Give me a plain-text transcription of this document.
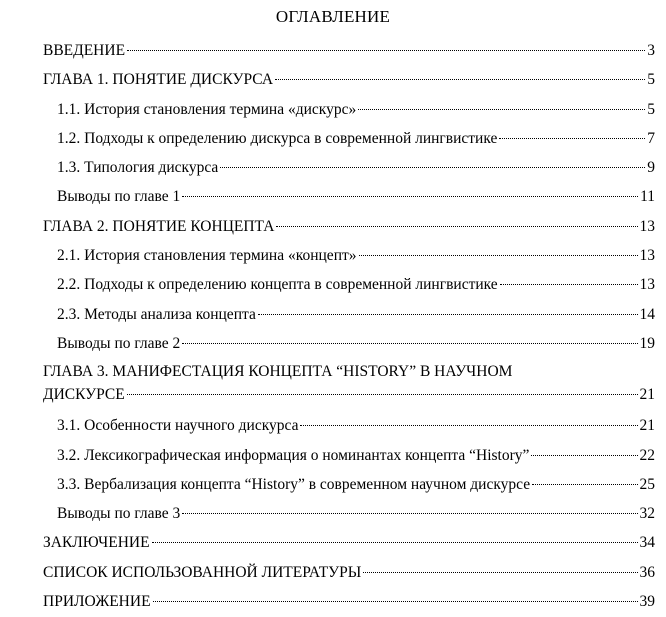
ОГЛАВЛЕНИЕ
ВВЕДЕНИЕ	3
ГЛАВА 1. ПОНЯТИЕ ДИСКУРСА	5
1.1. История становления термина «дискурс»	5
1.2. Подходы к определению дискурса в современной лингвистике	7
1.3. Типология дискурса	9
Выводы по главе 1	11
ГЛАВА 2. ПОНЯТИЕ КОНЦЕПТА	13
2.1. История становления термина «концепт»	13
2.2. Подходы к определению концепта в современной лингвистике	13
2.3. Методы анализа концепта	14
Выводы по главе 2	19
ГЛАВА 3. МАНИФЕСТАЦИЯ КОНЦЕПТА “HISTORY” В НАУЧНОМ
ДИСКУРСЕ	21
3.1. Особенности научного дискурса	21
3.2. Лексикографическая информация о номинантах концепта “History”	22
3.3. Вербализация концепта “History” в современном научном дискурсе	25
Выводы по главе 3	32
ЗАКЛЮЧЕНИЕ	34
СПИСОК ИСПОЛЬЗОВАННОЙ ЛИТЕРАТУРЫ	36
ПРИЛОЖЕНИЕ	39
